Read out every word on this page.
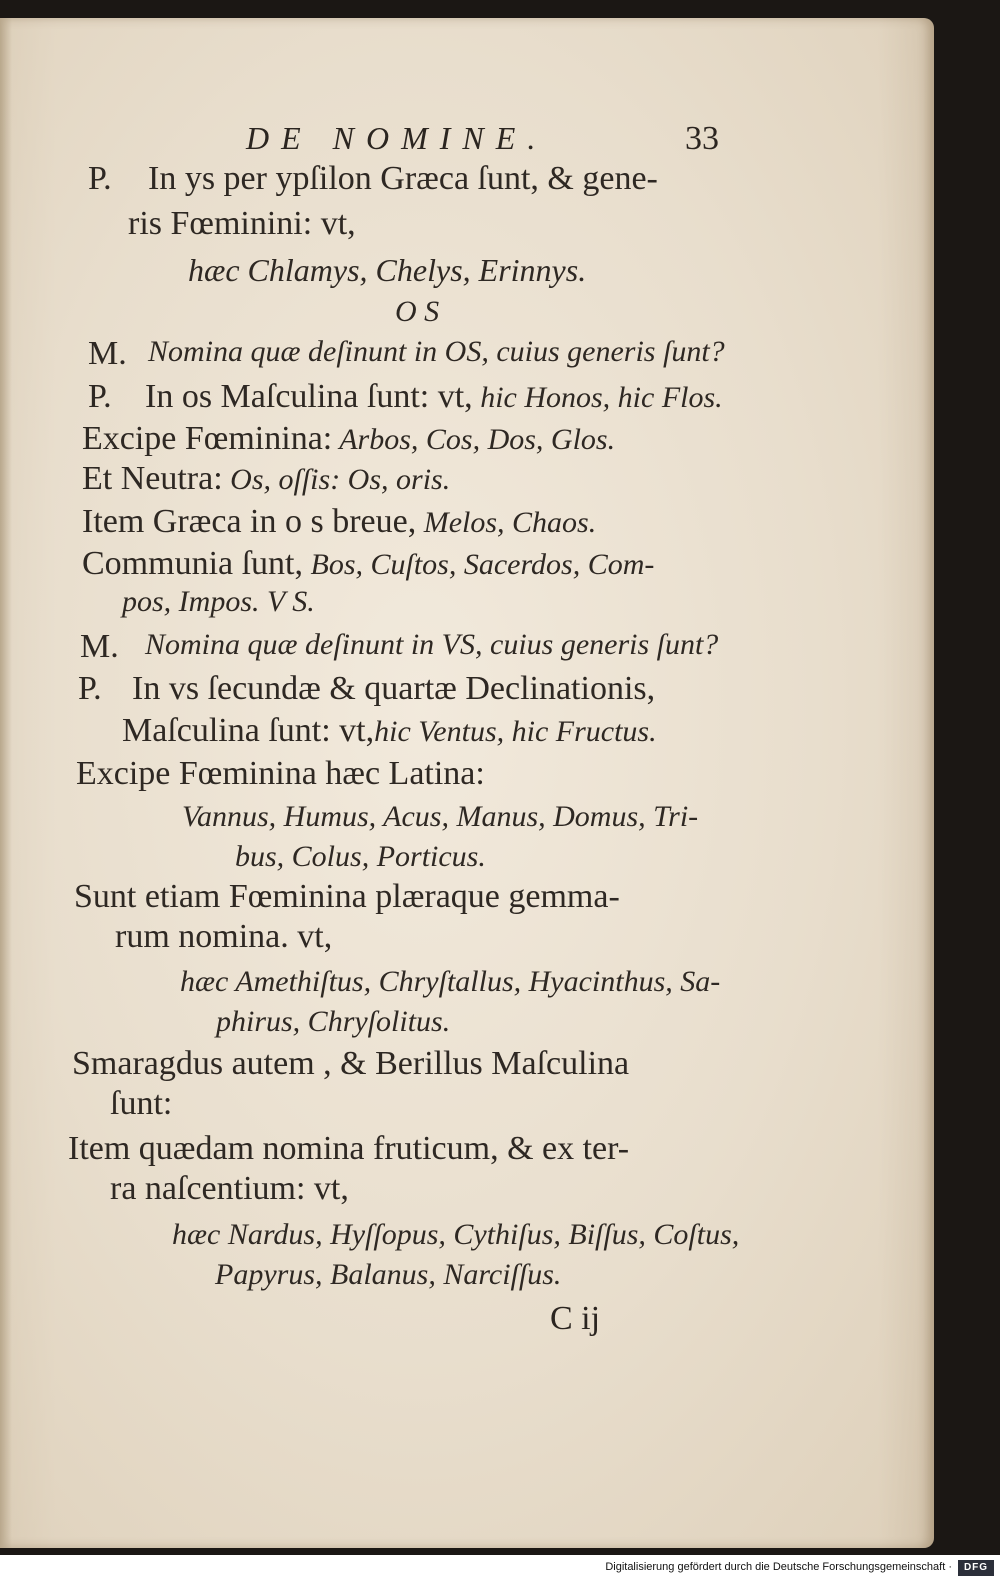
DE NOMINE.	33
P. In ys per ypſilon Græca ſunt, & gene-
ris Fœminini: vt,
hæc Chlamys, Chelys, Erinnys.
O S
M. Nomina quæ deſinunt in OS, cuius generis ſunt?
P. In os Maſculina ſunt: vt, hic Honos, hic Flos.
Excipe Fœminina: Arbos, Cos, Dos, Glos.
Et Neutra: Os, oſſis: Os, oris.
Item Græca in o s breue, Melos, Chaos.
Communia ſunt, Bos, Cuſtos, Sacerdos, Com-
pos, Impos. V S.
M. Nomina quæ deſinunt in VS, cuius generis ſunt?
P. In vs ſecundæ & quartæ Declinationis,
Maſculina ſunt: vt,hic Ventus, hic Fructus.
Excipe Fœminina hæc Latina:
Vannus, Humus, Acus, Manus, Domus, Tri-
bus, Colus, Porticus.
Sunt etiam Fœminina plæraque gemma-
rum nomina. vt,
hæc Amethiſtus, Chryſtallus, Hyacinthus, Sa-
phirus, Chryſolitus.
Smaragdus autem , & Berillus Maſculina
ſunt:
Item quædam nomina fruticum, & ex ter-
ra naſcentium: vt,
hæc Nardus, Hyſſopus, Cythiſus, Biſſus, Coſtus,
Papyrus, Balanus, Narciſſus.
C ij
Digitalisierung gefördert durch die Deutsche Forschungsgemeinschaft ·	DFG
